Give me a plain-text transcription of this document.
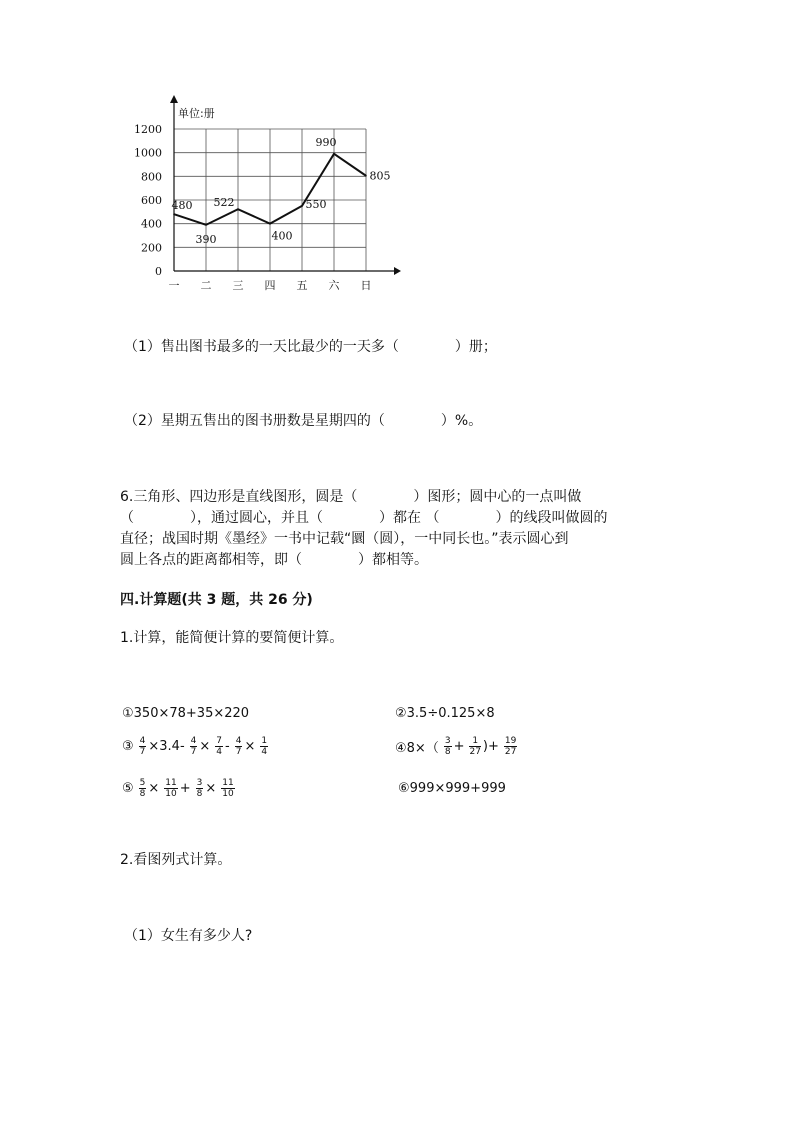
单位:册
0
200
400
600
800
1000
1200
一 二 三 四 五 六 日
480
390
522
400
550
990
805
（1）售出图书最多的一天比最少的一天多（　　　　）册；
（2）星期五售出的图书册数是星期四的（　　　　）%。
6.三角形、四边形是直线图形，圆是（　　　　）图形；圆中心的一点叫做
（　　　　），通过圆心，并且（　　　　）都在 （　　　　）的线段叫做圆的
直径；战国时期《墨经》一书中记载“圜（圆），一中同长也。”表示圆心到
圆上各点的距离都相等，即（　　　　）都相等。
四.计算题(共 3 题，共 26 分)
1.计算，能简便计算的要简便计算。
①350×78+35×220	②3.5÷0.125×8
③ $\frac{4}{7} \times 3.4- \frac{4}{7} \times \frac{7}{4} - \frac{4}{7} \times \frac{1}{4}$	④8×（ $\frac{3}{8} + \frac{1}{27}$ )+ $\frac{19}{27}$
⑤ $\frac{5}{8} \times \frac{11}{10} + \frac{3}{8} \times \frac{11}{10}$	⑥999×999+999
2.看图列式计算。
（1）女生有多少人?
